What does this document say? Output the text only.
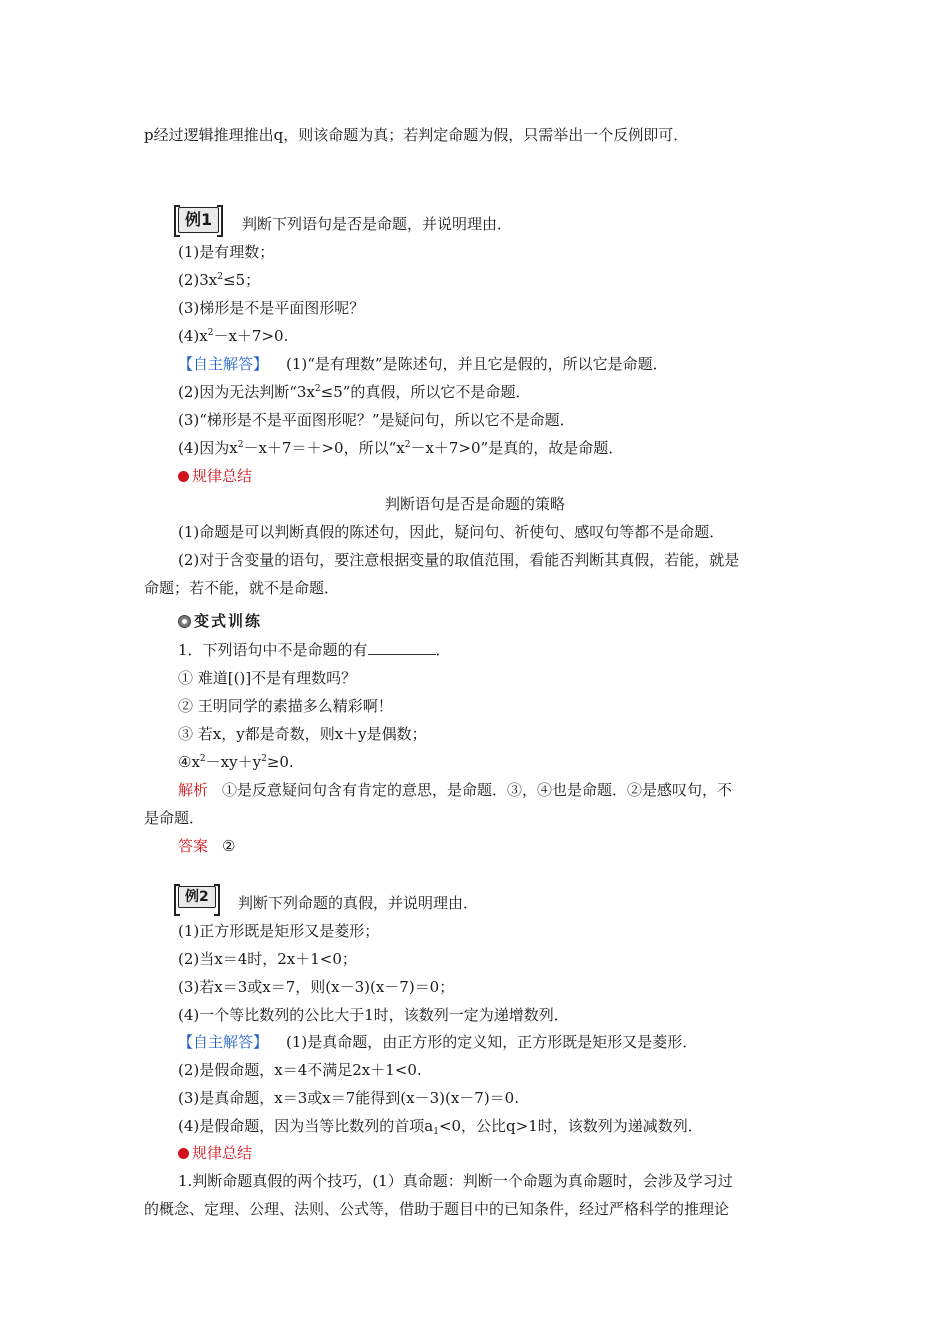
p经过逻辑推理推出q，则该命题为真；若判定命题为假，只需举出一个反例即可．
例1	判断下列语句是否是命题，并说明理由．
(1)是有理数；
$(2)3x^2\le 5$；
(3)梯形是不是平面图形呢？
$(4)x^2-x+7>0$.
【自主解答】 (1)“是有理数”是陈述句，并且它是假的，所以它是命题．
(2)因为无法判断“$3x^2\le 5$”的真假，所以它不是命题．
(3)“梯形是不是平面图形呢？”是疑问句，所以它不是命题．
(4)因为$x^2-x+7=+>0$，所以“$x^2-x+7>0$”是真的，故是命题．
规律总结
判断语句是否是命题的策略
(1)命题是可以判断真假的陈述句，因此，疑问句、祈使句、感叹句等都不是命题．
(2)对于含变量的语句，要注意根据变量的取值范围，看能否判断其真假，若能，就是
命题；若不能，就不是命题．
变式训练
1．下列语句中不是命题的有	．
① 难道[()]不是有理数吗？
② 王明同学的素描多么精彩啊！
③ 若x，y都是奇数，则x＋y是偶数；
$④x^2-xy+y^2\ge 0$.
解析 ①是反意疑问句含有肯定的意思，是命题．③，④也是命题．②是感叹句，不
是命题．
答案 ②
例2	判断下列命题的真假，并说明理由．
(1)正方形既是矩形又是菱形；
(2)当x＝4时，2x＋1<0；
(3)若x＝3或x＝7，则(x－3)(x－7)＝0；
(4)一个等比数列的公比大于1时，该数列一定为递增数列．
【自主解答】 (1)是真命题，由正方形的定义知，正方形既是矩形又是菱形．
(2)是假命题，x＝4不满足2x＋1<0.
(3)是真命题，x＝3或x＝7能得到(x－3)(x－7)＝0.
(4)是假命题，因为当等比数列的首项$a_1<0$，公比q>1时，该数列为递减数列．
规律总结
1.判断命题真假的两个技巧，(1）真命题：判断一个命题为真命题时，会涉及学习过
的概念、定理、公理、法则、公式等，借助于题目中的已知条件，经过严格科学的推理论
